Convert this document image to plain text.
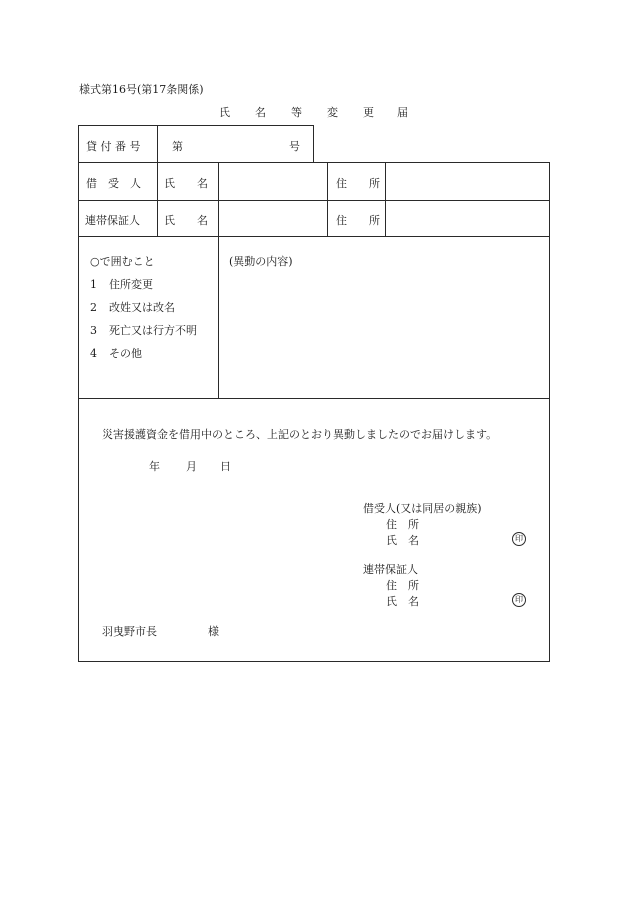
様式第16号(第17条関係)
氏 名 等 変 更 届
貸 付 番 号	第	号
借　受　人 氏　　名	住　　所
連帯保証人 氏　　名	住　　所
○で囲むこと
1 住所変更
2 改姓又は改名
3 死亡又は行方不明
4 その他
(異動の内容)
災害援護資金を借用中のところ、上記のとおり異動しましたのでお届けします。
年 月 日
借受人(又は同居の親族)
住　所
氏　名	印
連帯保証人
住　所
氏　名	印
羽曳野市長	様
